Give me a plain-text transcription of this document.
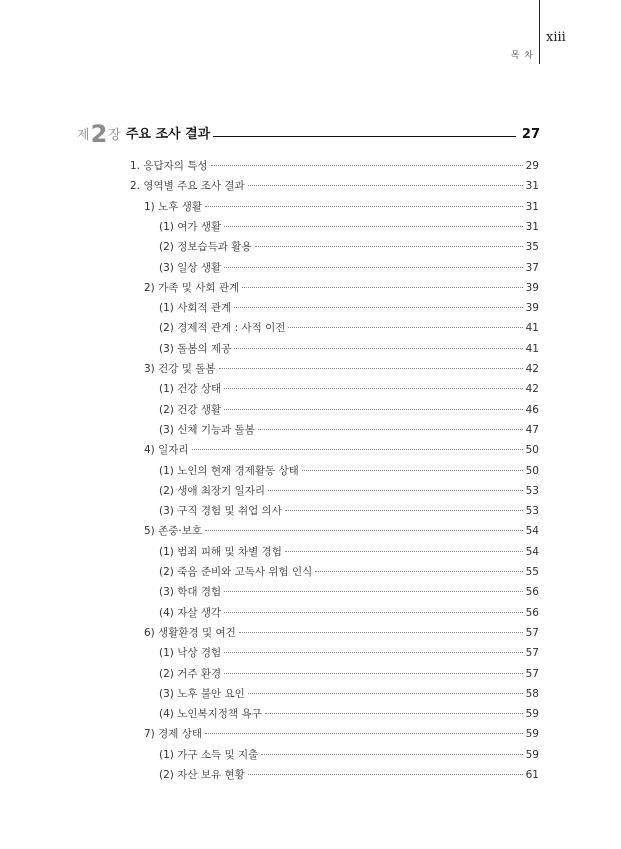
xiii
목 차
제 2 장 주요 조사 결과	27
1. 응답자의 특성	29
2. 영역별 주요 조사 결과	31
1) 노후 생활	31
(1) 여가 생활	31
(2) 정보습득과 활용	35
(3) 일상 생활	37
2) 가족 및 사회 관계	39
(1) 사회적 관계	39
(2) 경제적 관계 : 사적 이전	41
(3) 돌봄의 제공	41
3) 건강 및 돌봄	42
(1) 건강 상태	42
(2) 건강 생활	46
(3) 신체 기능과 돌봄	47
4) 일자리	50
(1) 노인의 현재 경제활동 상태	50
(2) 생애 최장기 일자리	53
(3) 구직 경험 및 취업 의사	53
5) 존중·보호	54
(1) 범죄 피해 및 차별 경험	54
(2) 죽음 준비와 고독사 위험 인식	55
(3) 학대 경험	56
(4) 자살 생각	56
6) 생활환경 및 여건	57
(1) 낙상 경험	57
(2) 거주 환경	57
(3) 노후 불안 요인	58
(4) 노인복지정책 욕구	59
7) 경제 상태	59
(1) 가구 소득 및 지출	59
(2) 자산 보유 현황	61
